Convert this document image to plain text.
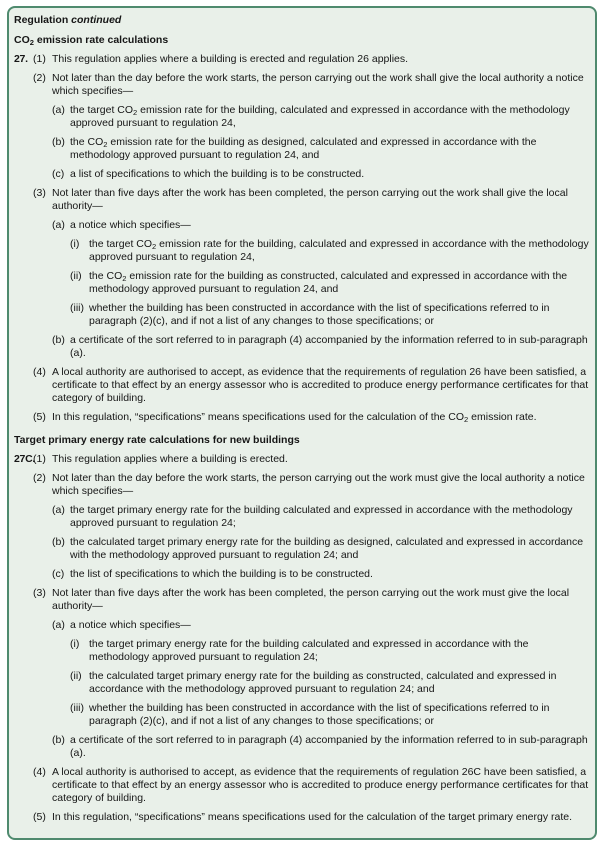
Regulation continued
$CO_2$ emission rate calculations
27. (1) This regulation applies where a building is erected and regulation 26 applies.
(2) Not later than the day before the work starts, the person carrying out the work shall give the local authority a notice which specifies—
(a) the target $CO_2$ emission rate for the building, calculated and expressed in accordance with the methodology approved pursuant to regulation 24,
(b) the $CO_2$ emission rate for the building as designed, calculated and expressed in accordance with the methodology approved pursuant to regulation 24, and
(c) a list of specifications to which the building is to be constructed.
(3) Not later than five days after the work has been completed, the person carrying out the work shall give the local authority—
(a) a notice which specifies—
(i) the target $CO_2$ emission rate for the building, calculated and expressed in accordance with the methodology approved pursuant to regulation 24,
(ii) the $CO_2$ emission rate for the building as constructed, calculated and expressed in accordance with the methodology approved pursuant to regulation 24, and
(iii) whether the building has been constructed in accordance with the list of specifications referred to in paragraph (2)(c), and if not a list of any changes to those specifications; or
(b) a certificate of the sort referred to in paragraph (4) accompanied by the information referred to in sub-paragraph (a).
(4) A local authority are authorised to accept, as evidence that the requirements of regulation 26 have been satisfied, a certificate to that effect by an energy assessor who is accredited to produce energy performance certificates for that category of building.
(5) In this regulation, “specifications” means specifications used for the calculation of the $CO_2$ emission rate.
Target primary energy rate calculations for new buildings
27C.
(1) This regulation applies where a building is erected.
(2) Not later than the day before the work starts, the person carrying out the work must give the local authority a notice which specifies—
(a) the target primary energy rate for the building calculated and expressed in accordance with the methodology approved pursuant to regulation 24;
(b) the calculated target primary energy rate for the building as designed, calculated and expressed in accordance with the methodology approved pursuant to regulation 24; and
(c) the list of specifications to which the building is to be constructed.
(3) Not later than five days after the work has been completed, the person carrying out the work must give the local authority—
(a) a notice which specifies—
(i) the target primary energy rate for the building calculated and expressed in accordance with the methodology approved pursuant to regulation 24;
(ii) the calculated target primary energy rate for the building as constructed, calculated and expressed in accordance with the methodology approved pursuant to regulation 24; and
(iii) whether the building has been constructed in accordance with the list of specifications referred to in paragraph (2)(c), and if not a list of any changes to those specifications; or
(b) a certificate of the sort referred to in paragraph (4) accompanied by the information referred to in sub-paragraph (a).
(4) A local authority is authorised to accept, as evidence that the requirements of regulation 26C have been satisfied, a certificate to that effect by an energy assessor who is accredited to produce energy performance certificates for that category of building.
(5) In this regulation, “specifications” means specifications used for the calculation of the target primary energy rate.
